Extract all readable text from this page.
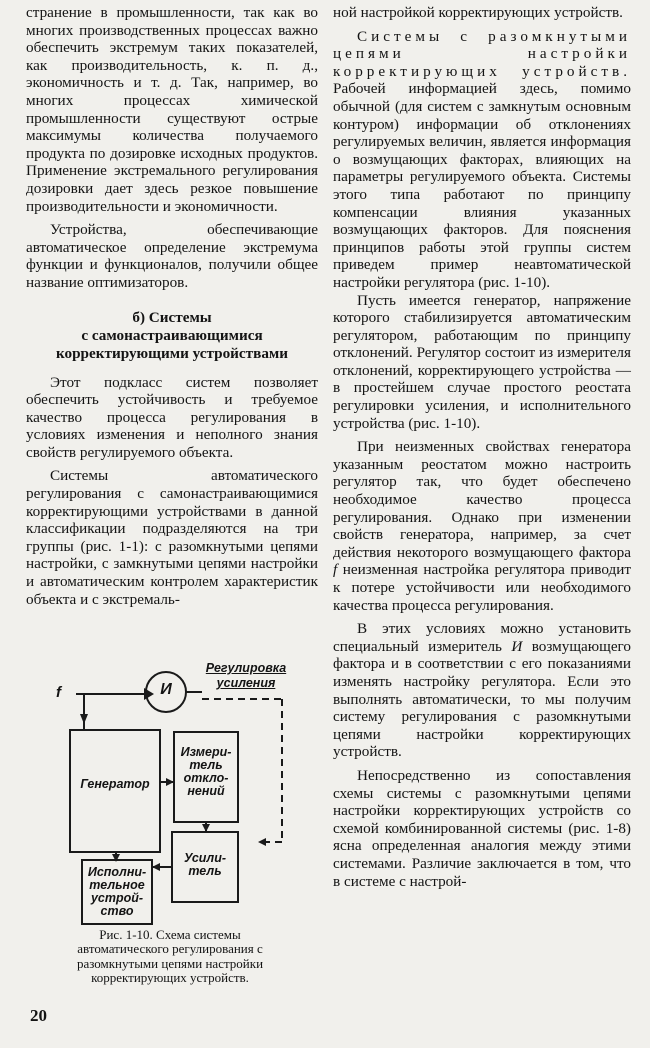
странение в промышленности, так как во многих производственных процессах важно обеспечить экстремум таких показателей, как производительность, к. п. д., экономичность и т. д. Так, например, во многих процессах химической промышленности существуют острые максимумы количества получаемого продукта по дозировке исходных продуктов. Применение экстремального регулирования дозировки дает здесь резкое повышение производительности и экономичности.

Устройства, обеспечивающие автоматическое определение экстремума функции и функционалов, получили общее название оптимизаторов.

б) Системы
с самонастраивающимися
корректирующими устройствами

Этот подкласс систем позволяет обеспечить устойчивость и требуемое качество процесса регулирования в условиях изменения и неполного знания свойств регулируемого объекта.

Системы автоматического регулирования с самонастраивающимися корректирующими устройствами в данной классификации подразделяются на три группы (рис. 1-1): с разомкнутыми цепями настройки, с замкнутыми цепями настройки и автоматическим контролем характеристик объекта и с экстремаль-

f	И
Регулировка
усиления
Генератор
Измери-
тель
откло-
нений
Усили-
тель
Исполни-
тельное
устрой-
ство
Рис. 1-10. Схема системы автоматического регулирования с разомкнутыми цепями настройки корректирующих устройств.
20

ной настройкой корректирующих устройств.

Системы с разомкнутыми цепями настройки корректирующих устройств. Рабочей информацией здесь, помимо обычной (для систем с замкнутым основным контуром) информации об отклонениях регулируемых величин, является информация о возмущающих факторах, влияющих на параметры регулируемого объекта. Системы этого типа работают по принципу компенсации влияния указанных возмущающих факторов. Для пояснения принципов работы этой группы систем приведем пример неавтоматической настройки регулятора (рис. 1-10).

Пусть имеется генератор, напряжение которого стабилизируется автоматическим регулятором, работающим по принципу отклонений. Регулятор состоит из измерителя отклонений, корректирующего устройства — в простейшем случае простого реостата регулировки усиления, и исполнительного устройства (рис. 1-10).

При неизменных свойствах генератора указанным реостатом можно настроить регулятор так, что будет обеспечено необходимое качество процесса регулирования. Однако при изменении свойств генератора, например, за счет действия некоторого возмущающего фактора f неизменная настройка регулятора приводит к потере устойчивости или необходимого качества процесса регулирования.

В этих условиях можно установить специальный измеритель И возмущающего фактора и в соответствии с его показаниями изменять настройку регулятора. Если это выполнять автоматически, то мы получим систему регулирования с разомкнутыми цепями настройки корректирующих устройств.

Непосредственно из сопоставления схемы системы с разомкнутыми цепями настройки корректирующих устройств со схемой комбинированной системы (рис. 1-8) ясна определенная аналогия между этими системами. Различие заключается в том, что в системе с настрой-
